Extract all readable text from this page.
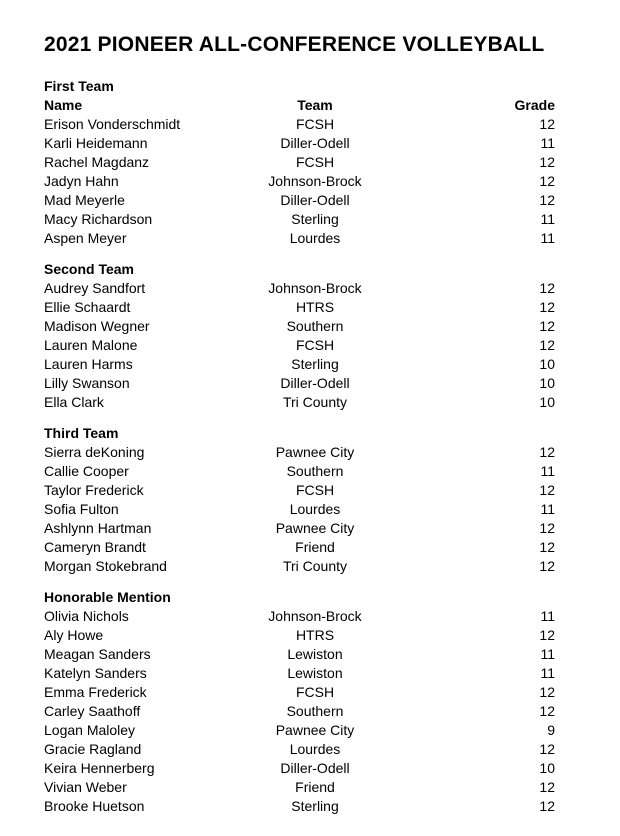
2021 PIONEER ALL-CONFERENCE VOLLEYBALL
First Team
Name	Team	Grade
Erison Vonderschmidt	FCSH	12
Karli Heidemann	Diller-Odell	11
Rachel Magdanz	FCSH	12
Jadyn Hahn	Johnson-Brock	12
Mad Meyerle	Diller-Odell	12
Macy Richardson	Sterling	11
Aspen Meyer	Lourdes	11
Second Team
Audrey Sandfort	Johnson-Brock	12
Ellie Schaardt	HTRS	12
Madison Wegner	Southern	12
Lauren Malone	FCSH	12
Lauren Harms	Sterling	10
Lilly Swanson	Diller-Odell	10
Ella Clark	Tri County	10
Third Team
Sierra deKoning	Pawnee City	12
Callie Cooper	Southern	11
Taylor Frederick	FCSH	12
Sofia Fulton	Lourdes	11
Ashlynn Hartman	Pawnee City	12
Cameryn Brandt	Friend	12
Morgan Stokebrand	Tri County	12
Honorable Mention
Olivia Nichols	Johnson-Brock	11
Aly Howe	HTRS	12
Meagan Sanders	Lewiston	11
Katelyn Sanders	Lewiston	11
Emma Frederick	FCSH	12
Carley Saathoff	Southern	12
Logan Maloley	Pawnee City	9
Gracie Ragland	Lourdes	12
Keira Hennerberg	Diller-Odell	10
Vivian Weber	Friend	12
Brooke Huetson	Sterling	12
